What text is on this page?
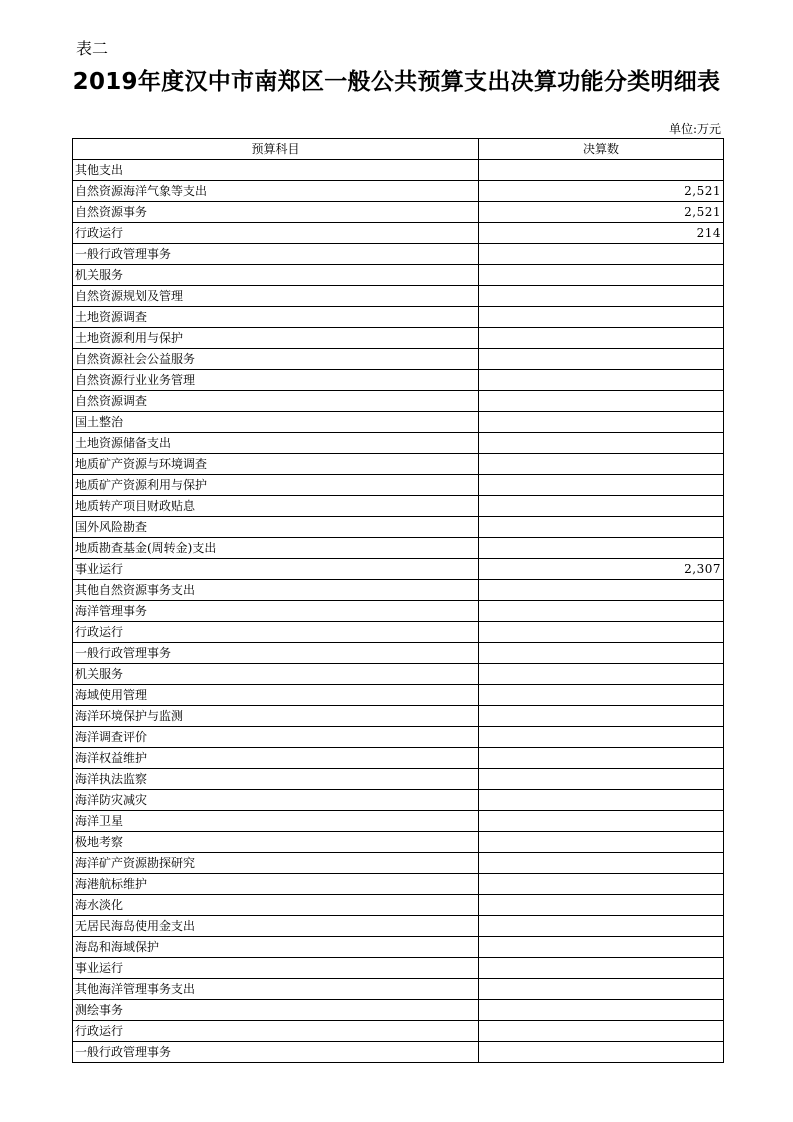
表二
2019年度汉中市南郑区一般公共预算支出决算功能分类明细表
单位:万元
预算科目	决算数
其他支出	
自然资源海洋气象等支出	2,521
自然资源事务	2,521
行政运行	214
一般行政管理事务	
机关服务	
自然资源规划及管理	
土地资源调查	
土地资源利用与保护	
自然资源社会公益服务	
自然资源行业业务管理	
自然资源调查	
国土整治	
土地资源储备支出	
地质矿产资源与环境调查	
地质矿产资源利用与保护	
地质转产项目财政贴息	
国外风险勘查	
地质勘查基金(周转金)支出	
事业运行	2,307
其他自然资源事务支出	
海洋管理事务	
行政运行	
一般行政管理事务	
机关服务	
海域使用管理	
海洋环境保护与监测	
海洋调查评价	
海洋权益维护	
海洋执法监察	
海洋防灾减灾	
海洋卫星	
极地考察	
海洋矿产资源勘探研究	
海港航标维护	
海水淡化	
无居民海岛使用金支出	
海岛和海域保护	
事业运行	
其他海洋管理事务支出	
测绘事务	
行政运行	
一般行政管理事务	
